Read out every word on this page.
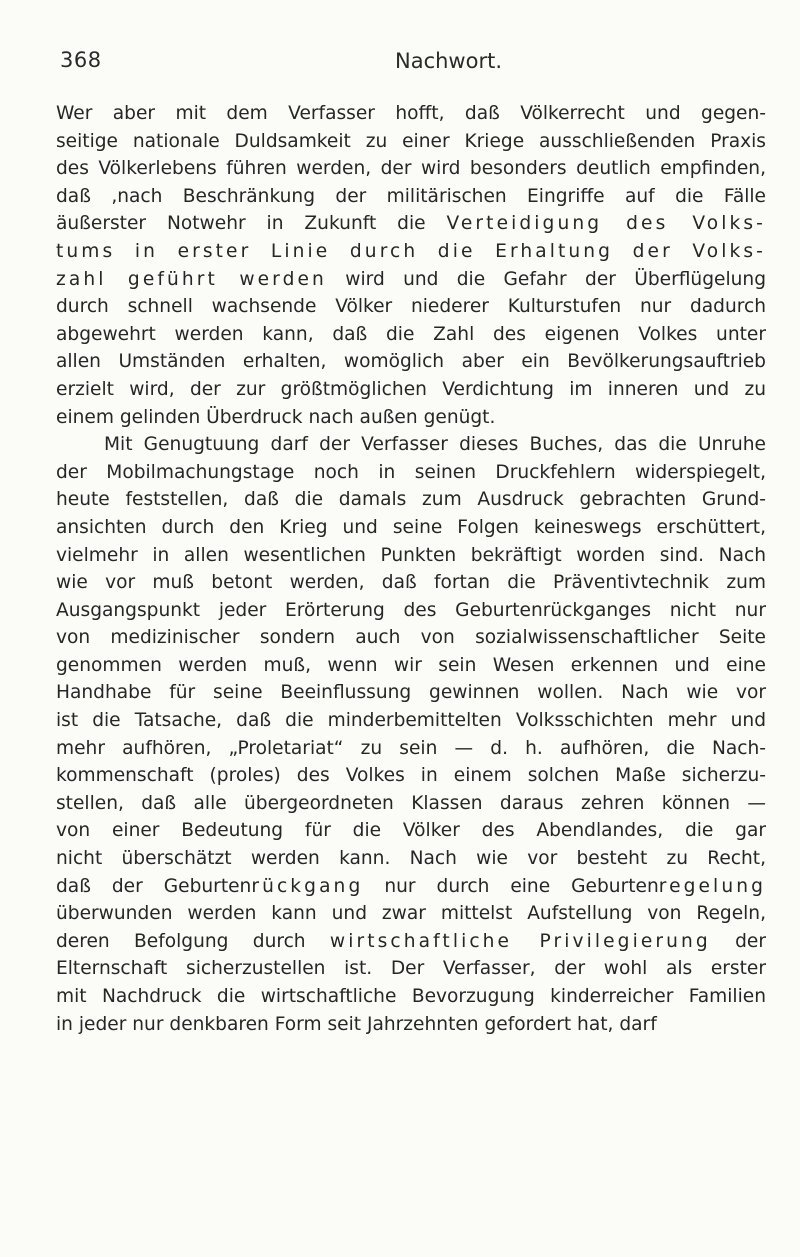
368	Nachwort.
Wer aber mit dem Verfasser hofft, daß Völkerrecht und gegen-
seitige nationale Duldsamkeit zu einer Kriege ausschließenden Praxis
des Völkerlebens führen werden, der wird besonders deutlich empfinden,
daß ‚nach Beschränkung der militärischen Eingriffe auf die Fälle
äußerster Notwehr in Zukunft die Verteidigung des Volks-
tums in erster Linie durch die Erhaltung der Volks-
zahl geführt werden wird und die Gefahr der Überflügelung
durch schnell wachsende Völker niederer Kulturstufen nur dadurch
abgewehrt werden kann, daß die Zahl des eigenen Volkes unter
allen Umständen erhalten, womöglich aber ein Bevölkerungsauftrieb
erzielt wird, der zur größtmöglichen Verdichtung im inneren und zu
einem gelinden Überdruck nach außen genügt.
Mit Genugtuung darf der Verfasser dieses Buches, das die Unruhe
der Mobilmachungstage noch in seinen Druckfehlern widerspiegelt,
heute feststellen, daß die damals zum Ausdruck gebrachten Grund-
ansichten durch den Krieg und seine Folgen keineswegs erschüttert,
vielmehr in allen wesentlichen Punkten bekräftigt worden sind. Nach
wie vor muß betont werden, daß fortan die Präventivtechnik zum
Ausgangspunkt jeder Erörterung des Geburtenrückganges nicht nur
von medizinischer sondern auch von sozialwissenschaftlicher Seite
genommen werden muß, wenn wir sein Wesen erkennen und eine
Handhabe für seine Beeinflussung gewinnen wollen. Nach wie vor
ist die Tatsache, daß die minderbemittelten Volksschichten mehr und
mehr aufhören, „Proletariat“ zu sein — d. h. aufhören, die Nach-
kommenschaft (proles) des Volkes in einem solchen Maße sicherzu-
stellen, daß alle übergeordneten Klassen daraus zehren können —
von einer Bedeutung für die Völker des Abendlandes, die gar
nicht überschätzt werden kann. Nach wie vor besteht zu Recht,
daß der Geburtenrückgang nur durch eine Geburtenregelung
überwunden werden kann und zwar mittelst Aufstellung von Regeln,
deren Befolgung durch wirtschaftliche Privilegierung der
Elternschaft sicherzustellen ist. Der Verfasser, der wohl als erster
mit Nachdruck die wirtschaftliche Bevorzugung kinderreicher Familien
in jeder nur denkbaren Form seit Jahrzehnten gefordert hat, darf
